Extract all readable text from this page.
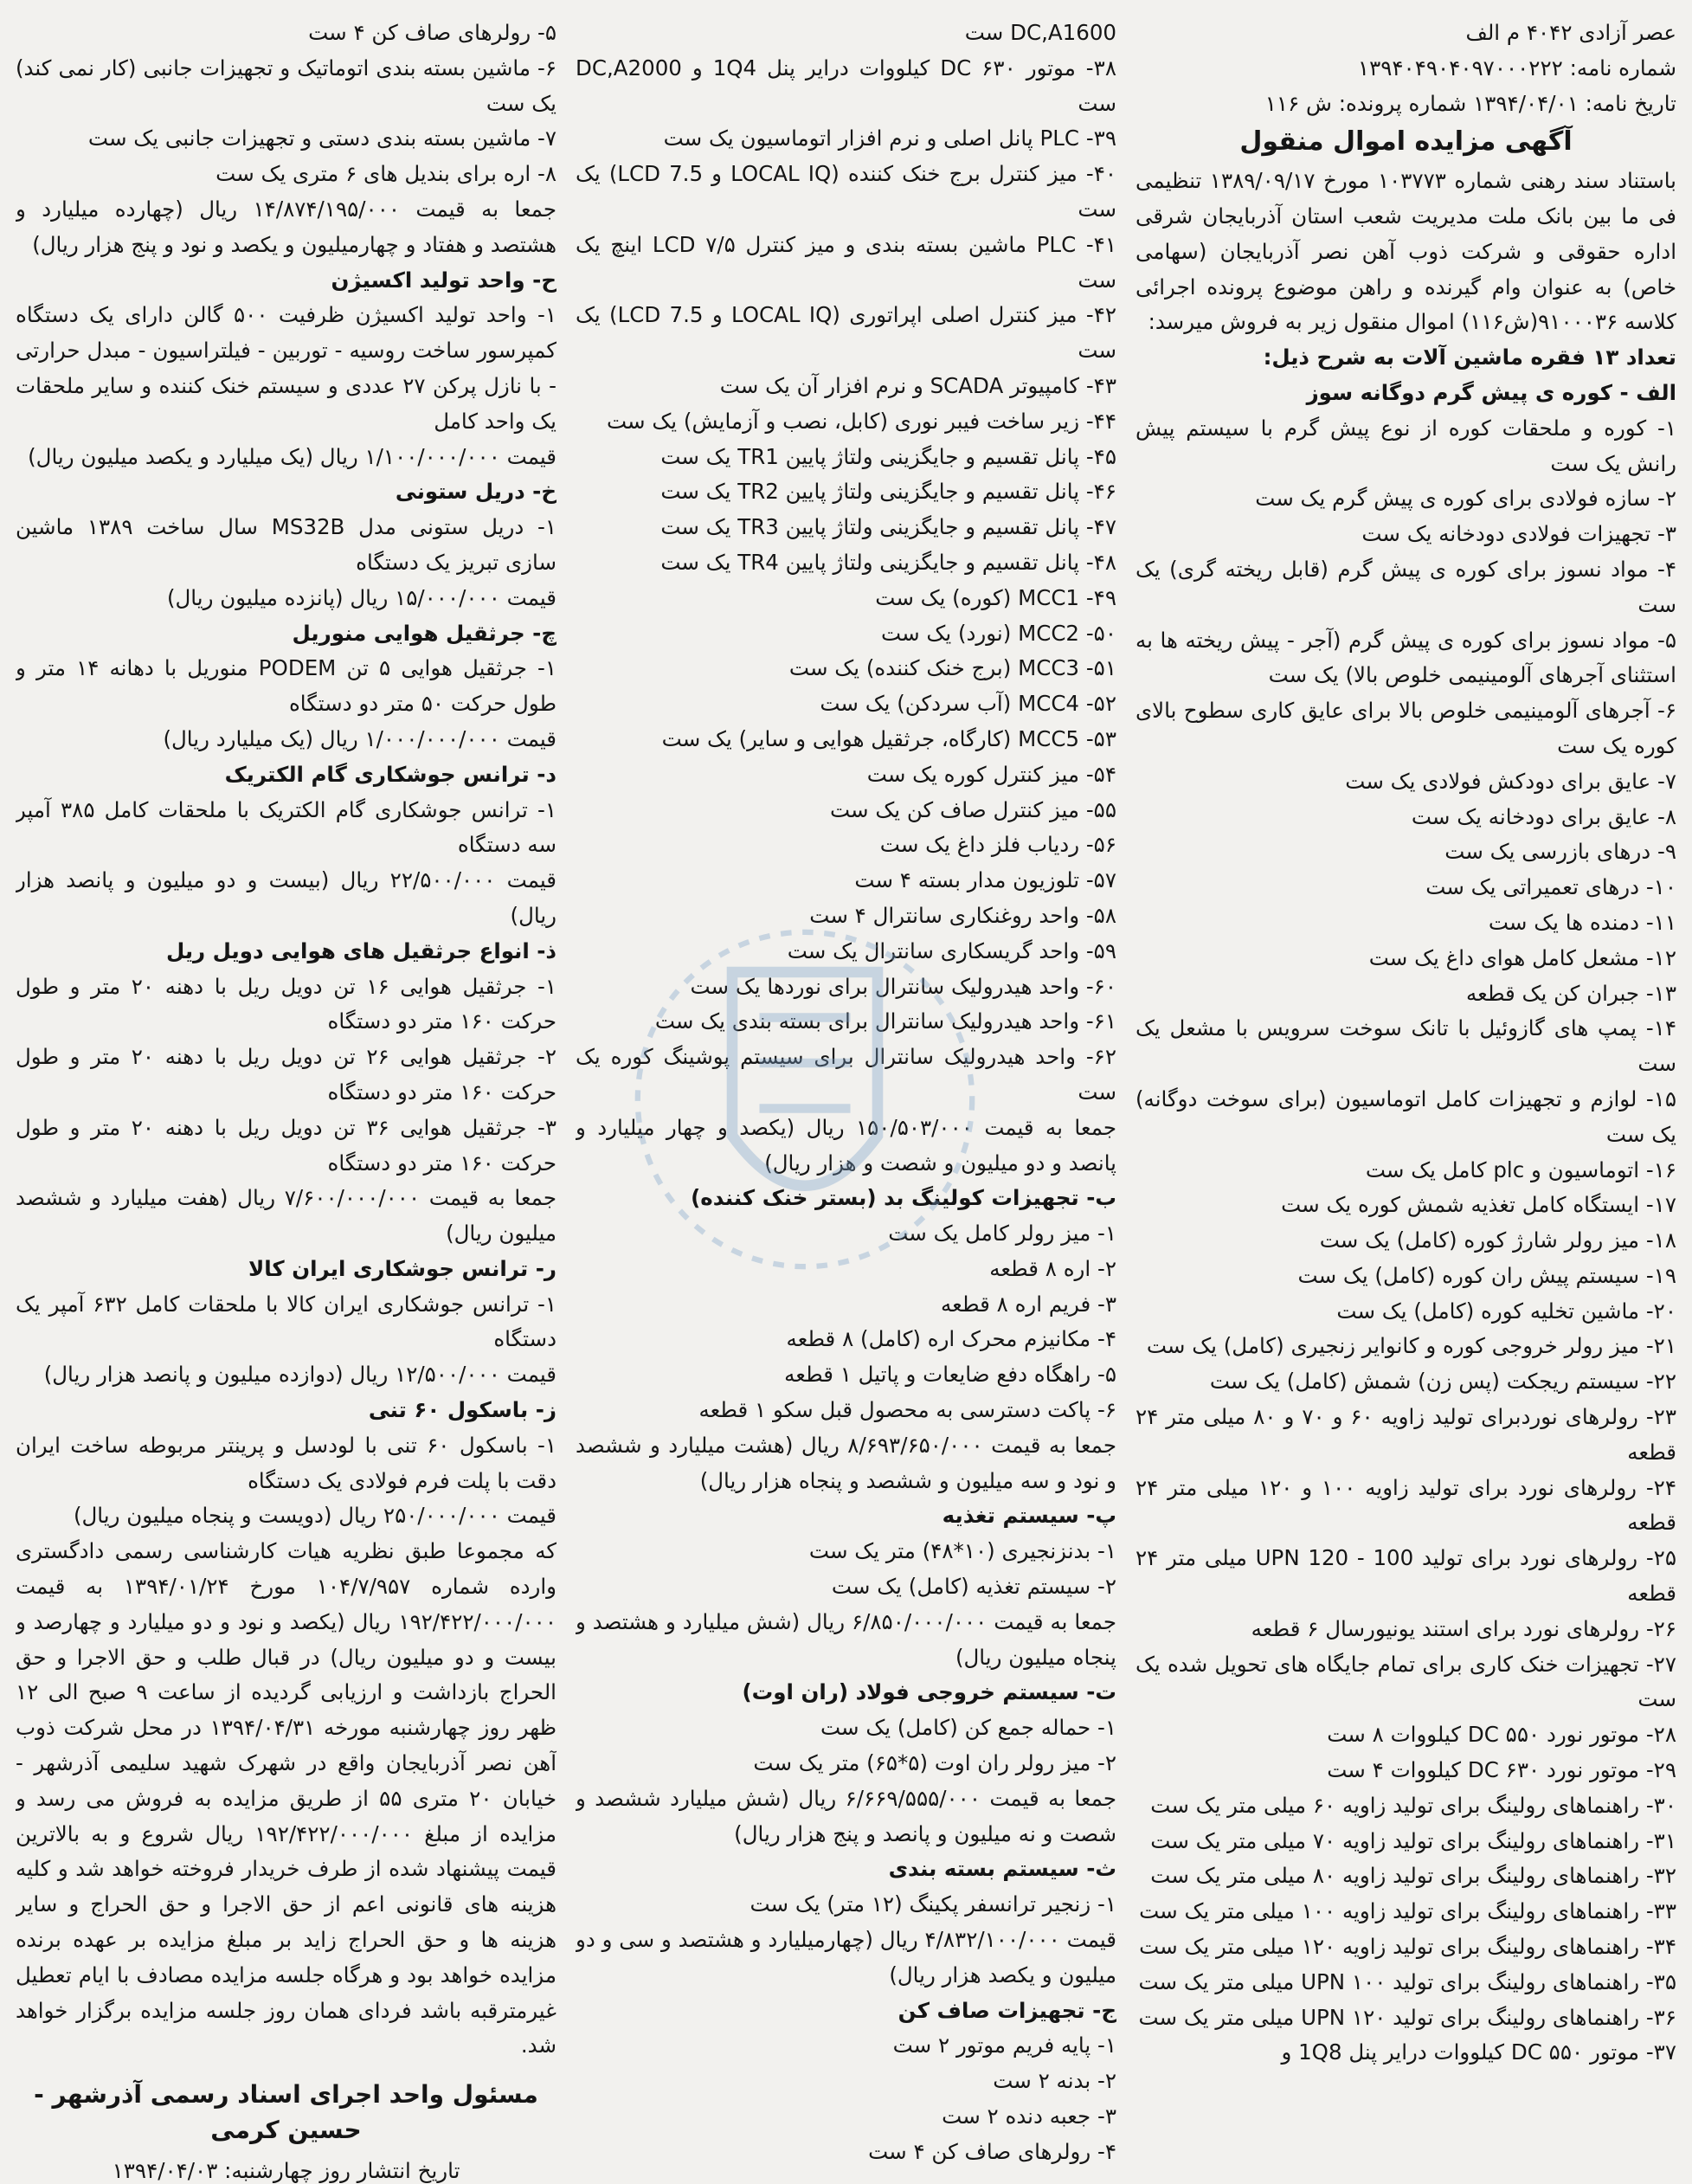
عصر آزادی ۴۰۴۲ م الف

شماره نامه: ۱۳۹۴۰۴۹۰۴۰۹۷۰۰۰۲۲۲

تاریخ نامه: ۱۳۹۴/۰۴/۰۱ شماره پرونده: ش ۱۱۶

آگهی مزایده اموال منقول

باستناد سند رهنی شماره ۱۰۳۷۷۳ مورخ ۱۳۸۹/۰۹/۱۷ تنظیمی فی ما بین بانک ملت مدیریت شعب استان آذربایجان شرقی اداره حقوقی و شرکت ذوب آهن نصر آذربایجان (سهامی خاص) به عنوان وام گیرنده و راهن موضوع پرونده اجرائی کلاسه ۹۱۰۰۰۳۶(ش۱۱۶) اموال منقول زیر به فروش میرسد:

تعداد ۱۳ فقره ماشین آلات به شرح ذیل:

الف - کوره ی پیش گرم دوگانه سوز

۱- کوره و ملحقات کوره از نوع پیش گرم با سیستم پیش رانش یک ست

۲- سازه فولادی برای کوره ی پیش گرم یک ست

۳- تجهیزات فولادی دودخانه یک ست

۴- مواد نسوز برای کوره ی پیش گرم (قابل ریخته گری) یک ست

۵- مواد نسوز برای کوره ی پیش گرم (آجر - پیش ریخته ها به استثنای آجرهای آلومینیمی خلوص بالا) یک ست

۶- آجرهای آلومینیمی خلوص بالا برای عایق کاری سطوح بالای کوره یک ست

۷- عایق برای دودکش فولادی یک ست

۸- عایق برای دودخانه یک ست

۹- درهای بازرسی یک ست

۱۰- درهای تعمیراتی یک ست

۱۱- دمنده ها یک ست

۱۲- مشعل کامل هوای داغ یک ست

۱۳- جبران کن یک قطعه

۱۴- پمپ های گازوئیل با تانک سوخت سرویس با مشعل یک ست

۱۵- لوازم و تجهیزات کامل اتوماسیون (برای سوخت دوگانه) یک ست

۱۶- اتوماسیون و plc کامل یک ست

۱۷- ایستگاه کامل تغذیه شمش کوره یک ست

۱۸- میز رولر شارژ کوره (کامل) یک ست

۱۹- سیستم پیش ران کوره (کامل) یک ست

۲۰- ماشین تخلیه کوره (کامل) یک ست

۲۱- میز رولر خروجی کوره و کانوایر زنجیری (کامل) یک ست

۲۲- سیستم ریجکت (پس زن) شمش (کامل) یک ست

۲۳- رولرهای نوردبرای تولید زاویه ۶۰ و ۷۰ و ۸۰ میلی متر ۲۴ قطعه

۲۴- رولرهای نورد برای تولید زاویه ۱۰۰ و ۱۲۰ میلی متر ۲۴ قطعه

۲۵- رولرهای نورد برای تولید 100 - UPN 120 میلی متر ۲۴ قطعه

۲۶- رولرهای نورد برای استند یونیورسال ۶ قطعه

۲۷- تجهیزات خنک کاری برای تمام جایگاه های تحویل شده یک ست

۲۸- موتور نورد ۵۵۰ DC کیلووات ۸ ست

۲۹- موتور نورد ۶۳۰ DC کیلووات ۴ ست

۳۰- راهنماهای رولینگ برای تولید زاویه ۶۰ میلی متر یک ست

۳۱- راهنماهای رولینگ برای تولید زاویه ۷۰ میلی متر یک ست

۳۲- راهنماهای رولینگ برای تولید زاویه ۸۰ میلی متر یک ست

۳۳- راهنماهای رولینگ برای تولید زاویه ۱۰۰ میلی متر یک ست

۳۴- راهنماهای رولینگ برای تولید زاویه ۱۲۰ میلی متر یک ست

۳۵- راهنماهای رولینگ برای تولید ۱۰۰ UPN میلی متر یک ست

۳۶- راهنماهای رولینگ برای تولید ۱۲۰ UPN میلی متر یک ست

۳۷- موتور ۵۵۰ DC کیلووات درایر پنل 1Q8 و

DC,A1600 ست

۳۸- موتور ۶۳۰ DC کیلووات درایر پنل 1Q4 و DC,A2000 ست

۳۹- PLC پانل اصلی و نرم افزار اتوماسیون یک ست

۴۰- میز کنترل برج خنک کننده (LOCAL IQ و LCD 7.5) یک ست

۴۱- PLC ماشین بسته بندی و میز کنترل ۷/۵ LCD اینچ یک ست

۴۲- میز کنترل اصلی اپراتوری (LOCAL IQ و LCD 7.5) یک ست

۴۳- کامپیوتر SCADA و نرم افزار آن یک ست

۴۴- زیر ساخت فیبر نوری (کابل، نصب و آزمایش) یک ست

۴۵- پانل تقسیم و جایگزینی ولتاژ پایین TR1 یک ست

۴۶- پانل تقسیم و جایگزینی ولتاژ پایین TR2 یک ست

۴۷- پانل تقسیم و جایگزینی ولتاژ پایین TR3 یک ست

۴۸- پانل تقسیم و جایگزینی ولتاژ پایین TR4 یک ست

۴۹- MCC1 (کوره) یک ست

۵۰- MCC2 (نورد) یک ست

۵۱- MCC3 (برج خنک کننده) یک ست

۵۲- MCC4 (آب سردکن) یک ست

۵۳- MCC5 (کارگاه، جرثقیل هوایی و سایر) یک ست

۵۴- میز کنترل کوره یک ست

۵۵- میز کنترل صاف کن یک ست

۵۶- ردیاب فلز داغ یک ست

۵۷- تلوزیون مدار بسته ۴ ست

۵۸- واحد روغنکاری سانترال ۴ ست

۵۹- واحد گریسکاری سانترال یک ست

۶۰- واحد هیدرولیک سانترال برای نوردها یک ست

۶۱- واحد هیدرولیک سانترال برای بسته بندی یک ست

۶۲- واحد هیدرولیک سانترال برای سیستم پوشینگ کوره یک ست

جمعا به قیمت ۱۵۰/۵۰۳/۰۰۰ ریال (یکصد و چهار میلیارد و پانصد و دو میلیون و شصت و هزار ریال)

ب- تجهیزات کولینگ بد (بستر خنک کننده)

۱- میز رولر کامل یک ست

۲- اره ۸ قطعه

۳- فریم اره ۸ قطعه

۴- مکانیزم محرک اره (کامل) ۸ قطعه

۵- راهگاه دفع ضایعات و پاتیل ۱ قطعه

۶- پاکت دسترسی به محصول قبل سکو ۱ قطعه

جمعا به قیمت ۸/۶۹۳/۶۵۰/۰۰۰ ریال (هشت میلیارد و ششصد و نود و سه میلیون و ششصد و پنجاه هزار ریال)

پ- سیستم تغذیه

۱- بدنزنجیری (۱۰*۴۸) متر یک ست

۲- سیستم تغذیه (کامل) یک ست

جمعا به قیمت ۶/۸۵۰/۰۰۰/۰۰۰ ریال (شش میلیارد و هشتصد و پنجاه میلیون ریال)

ت- سیستم خروجی فولاد (ران اوت)

۱- حماله جمع کن (کامل) یک ست

۲- میز رولر ران اوت (۵*۶۵) متر یک ست

جمعا به قیمت ۶/۶۶۹/۵۵۵/۰۰۰ ریال (شش میلیارد ششصد و شصت و نه میلیون و پانصد و پنج هزار ریال)

ث- سیستم بسته بندی

۱- زنجیر ترانسفر پکینگ (۱۲ متر) یک ست

قیمت ۴/۸۳۲/۱۰۰/۰۰۰ ریال (چهارمیلیارد و هشتصد و سی و دو میلیون و یکصد هزار ریال)

ج- تجهیزات صاف کن

۱- پایه فریم موتور ۲ ست

۲- بدنه ۲ ست

۳- جعبه دنده ۲ ست

۴- رولرهای صاف کن ۴ ست

۵- رولرهای صاف کن ۴ ست

۶- ماشین بسته بندی اتوماتیک و تجهیزات جانبی (کار نمی کند) یک ست

۷- ماشین بسته بندی دستی و تجهیزات جانبی یک ست

۸- اره برای بندیل های ۶ متری یک ست

جمعا به قیمت ۱۴/۸۷۴/۱۹۵/۰۰۰ ریال (چهارده میلیارد و هشتصد و هفتاد و چهارمیلیون و یکصد و نود و پنج هزار ریال)

ح- واحد تولید اکسیژن

۱- واحد تولید اکسیژن ظرفیت ۵۰۰ گالن دارای یک دستگاه کمپرسور ساخت روسیه - توربین - فیلتراسیون - مبدل حرارتی - با نازل پرکن ۲۷ عددی و سیستم خنک کننده و سایر ملحقات یک واحد کامل

قیمت ۱/۱۰۰/۰۰۰/۰۰۰ ریال (یک میلیارد و یکصد میلیون ریال)

خ- دریل ستونی

۱- دریل ستونی مدل MS32B سال ساخت ۱۳۸۹ ماشین سازی تبریز یک دستگاه

قیمت ۱۵/۰۰۰/۰۰۰ ریال (پانزده میلیون ریال)

چ- جرثقیل هوایی منوریل

۱- جرثقیل هوایی ۵ تن PODEM منوریل با دهانه ۱۴ متر و طول حرکت ۵۰ متر دو دستگاه

قیمت ۱/۰۰۰/۰۰۰/۰۰۰ ریال (یک میلیارد ریال)

د- ترانس جوشکاری گام الکتریک

۱- ترانس جوشکاری گام الکتریک با ملحقات کامل ۳۸۵ آمپر سه دستگاه

قیمت ۲۲/۵۰۰/۰۰۰ ریال (بیست و دو میلیون و پانصد هزار ریال)

ذ- انواع جرثقیل های هوایی دویل ریل

۱- جرثقیل هوایی ۱۶ تن دویل ریل با دهنه ۲۰ متر و طول حرکت ۱۶۰ متر دو دستگاه

۲- جرثقیل هوایی ۲۶ تن دویل ریل با دهنه ۲۰ متر و طول حرکت ۱۶۰ متر دو دستگاه

۳- جرثقیل هوایی ۳۶ تن دویل ریل با دهنه ۲۰ متر و طول حرکت ۱۶۰ متر دو دستگاه

جمعا به قیمت ۷/۶۰۰/۰۰۰/۰۰۰ ریال (هفت میلیارد و ششصد میلیون ریال)

ر- ترانس جوشکاری ایران کالا

۱- ترانس جوشکاری ایران کالا با ملحقات کامل ۶۳۲ آمپر یک دستگاه

قیمت ۱۲/۵۰۰/۰۰۰ ریال (دوازده میلیون و پانصد هزار ریال)

ز- باسکول ۶۰ تنی

۱- باسکول ۶۰ تنی با لودسل و پرینتر مربوطه ساخت ایران دقت با پلت فرم فولادی یک دستگاه

قیمت ۲۵۰/۰۰۰/۰۰۰ ریال (دویست و پنجاه میلیون ریال)

که مجموعا طبق نظریه هیات کارشناسی رسمی دادگستری وارده شماره ۱۰۴/۷/۹۵۷ مورخ ۱۳۹۴/۰۱/۲۴ به قیمت ۱۹۲/۴۲۲/۰۰۰/۰۰۰ ریال (یکصد و نود و دو میلیارد و چهارصد و بیست و دو میلیون ریال) در قبال طلب و حق الاجرا و حق الحراج بازداشت و ارزیابی گردیده از ساعت ۹ صبح الی ۱۲ ظهر روز چهارشنبه مورخه ۱۳۹۴/۰۴/۳۱ در محل شرکت ذوب آهن نصر آذربایجان واقع در شهرک شهید سلیمی آذرشهر - خیابان ۲۰ متری ۵۵ از طریق مزایده به فروش می رسد و مزایده از مبلغ ۱۹۲/۴۲۲/۰۰۰/۰۰۰ ریال شروع و به بالاترین قیمت پیشنهاد شده از طرف خریدار فروخته خواهد شد و کلیه هزینه های قانونی اعم از حق الاجرا و حق الحراج و سایر هزینه ها و حق الحراج زاید بر مبلغ مزایده بر عهده برنده مزایده خواهد بود و هرگاه جلسه مزایده مصادف با ایام تعطیل غیرمترقبه باشد فردای همان روز جلسه مزایده برگزار خواهد شد.

مسئول واحد اجرای اسناد رسمی آذرشهر - حسین کرمی

تاریخ انتشار روز چهارشنبه: ۱۳۹۴/۰۴/۰۳
